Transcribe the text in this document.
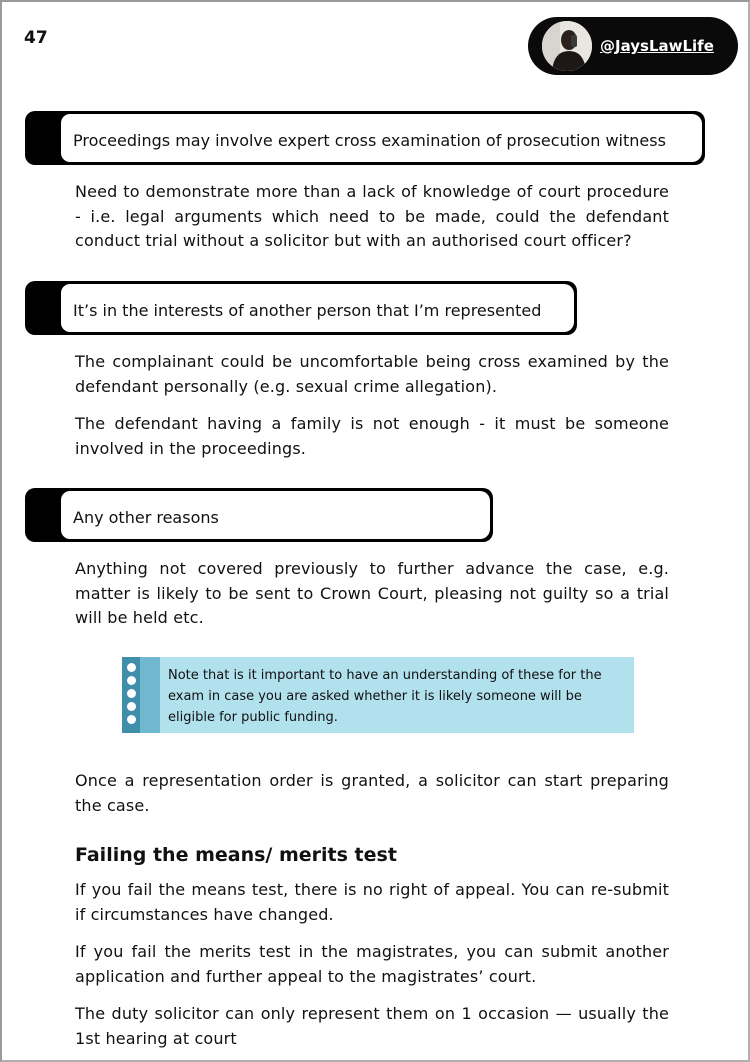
47	@JaysLawLife
Proceedings may involve expert cross examination of prosecution witness
Need to demonstrate more than a lack of knowledge of court procedure - i.e. legal arguments which need to be made, could the defendant conduct trial without a solicitor but with an authorised court officer?
It’s in the interests of another person that I’m represented
The complainant could be uncomfortable being cross examined by the defendant personally (e.g. sexual crime allegation).
The defendant having a family is not enough - it must be someone involved in the proceedings.
Any other reasons
Anything not covered previously to further advance the case, e.g. matter is likely to be sent to Crown Court, pleasing not guilty so a trial will be held etc.
Note that is it important to have an understanding of these for the exam in case you are asked whether it is likely someone will be eligible for public funding.
Once a representation order is granted, a solicitor can start preparing the case.
Failing the means/ merits test
If you fail the means test, there is no right of appeal. You can re-submit if circumstances have changed.
If you fail the merits test in the magistrates, you can submit another application and further appeal to the magistrates’ court.
The duty solicitor can only represent them on 1 occasion — usually the 1st hearing at court
